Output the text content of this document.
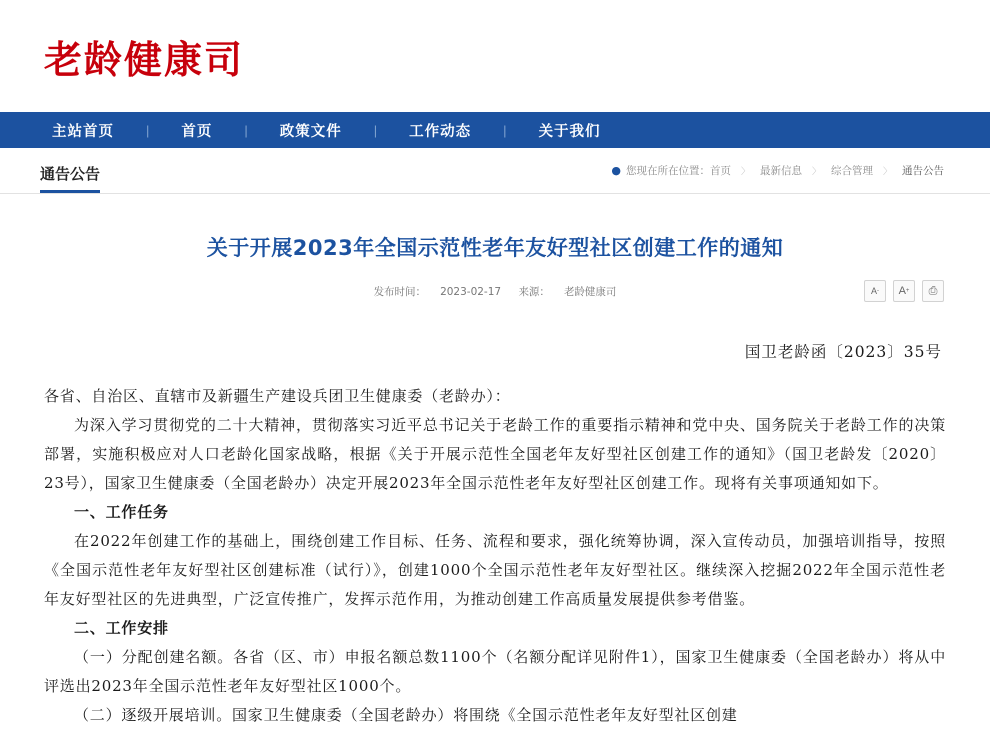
老龄健康司
主站首页	|	首页	|	政策文件	|	工作动态	|	关于我们
通告公告	● 您现在所在位置： 首页 〉 最新信息 〉 综合管理 〉 通告公告
关于开展2023年全国示范性老年友好型社区创建工作的通知
发布时间： 2023-02-17 来源： 老龄健康司	A - A + ⎙
国卫老龄函〔2023〕35号

各省、自治区、直辖市及新疆生产建设兵团卫生健康委（老龄办）：

为深入学习贯彻党的二十大精神，贯彻落实习近平总书记关于老龄工作的重要指示精神和党中央、国务院关于老龄工作的决策部署，实施积极应对人口老龄化国家战略，根据《关于开展示范性全国老年友好型社区创建工作的通知》（国卫老龄发〔2020〕23号），国家卫生健康委（全国老龄办）决定开展2023年全国示范性老年友好型社区创建工作。现将有关事项通知如下。

一、工作任务

在2022年创建工作的基础上，围绕创建工作目标、任务、流程和要求，强化统筹协调，深入宣传动员，加强培训指导，按照《全国示范性老年友好型社区创建标准（试行）》，创建1000个全国示范性老年友好型社区。继续深入挖掘2022年全国示范性老年友好型社区的先进典型，广泛宣传推广，发挥示范作用，为推动创建工作高质量发展提供参考借鉴。

二、工作安排

（一）分配创建名额。各省（区、市）申报名额总数1100个（名额分配详见附件1），国家卫生健康委（全国老龄办）将从中评选出2023年全国示范性老年友好型社区1000个。

（二）逐级开展培训。国家卫生健康委（全国老龄办）将围绕《全国示范性老年友好型社区创建
